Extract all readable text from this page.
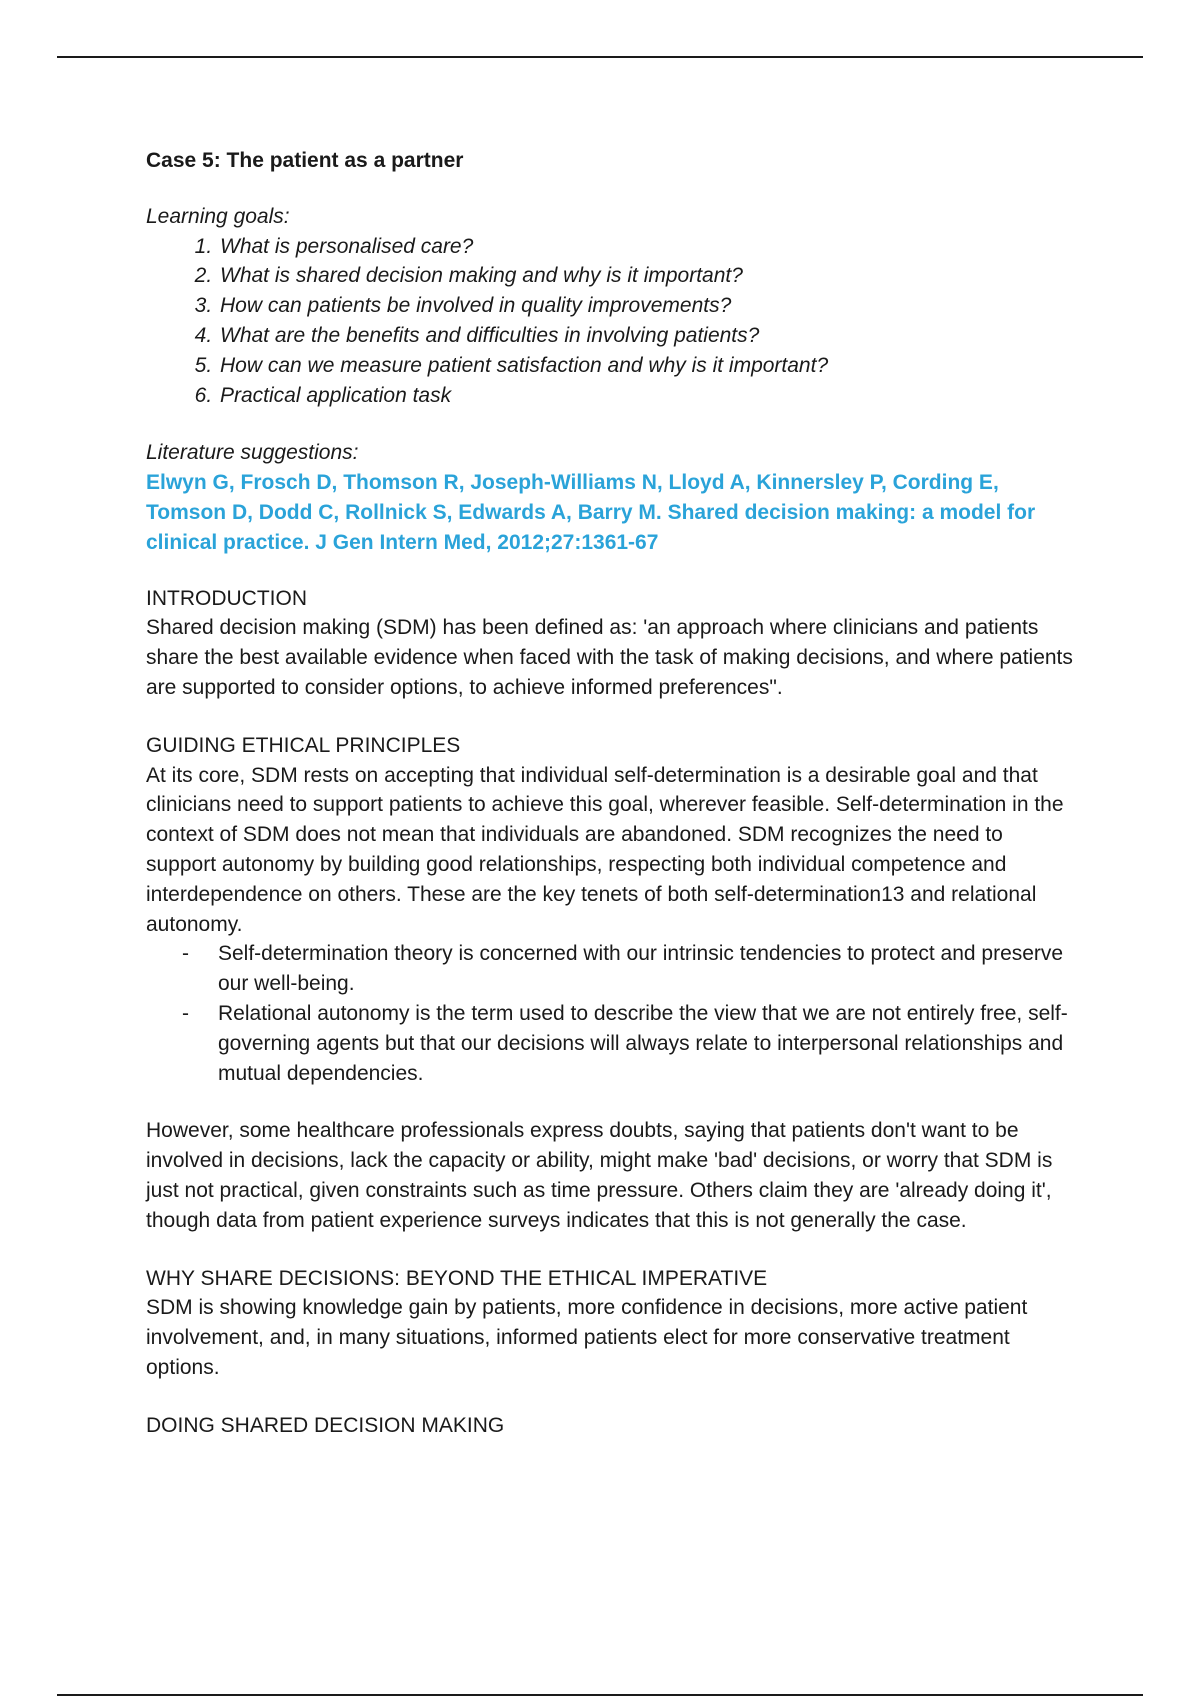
Case 5: The patient as a partner

Learning goals:

1. What is personalised care?
2. What is shared decision making and why is it important?
3. How can patients be involved in quality improvements?
4. What are the benefits and difficulties in involving patients?
5. How can we measure patient satisfaction and why is it important?
6. Practical application task

Literature suggestions:

Elwyn G, Frosch D, Thomson R, Joseph-Williams N, Lloyd A, Kinnersley P, Cording E, Tomson D, Dodd C, Rollnick S, Edwards A, Barry M. Shared decision making: a model for clinical practice. J Gen Intern Med, 2012;27:1361-67

INTRODUCTION

Shared decision making (SDM) has been defined as: 'an approach where clinicians and patients share the best available evidence when faced with the task of making decisions, and where patients are supported to consider options, to achieve informed preferences".

GUIDING ETHICAL PRINCIPLES

At its core, SDM rests on accepting that individual self-determination is a desirable goal and that clinicians need to support patients to achieve this goal, wherever feasible. Self-determination in the context of SDM does not mean that individuals are abandoned. SDM recognizes the need to support autonomy by building good relationships, respecting both individual competence and interdependence on others. These are the key tenets of both self-determination13 and relational autonomy.

- Self-determination theory is concerned with our intrinsic tendencies to protect and preserve our well-being.
- Relational autonomy is the term used to describe the view that we are not entirely free, self-governing agents but that our decisions will always relate to interpersonal relationships and mutual dependencies.

However, some healthcare professionals express doubts, saying that patients don't want to be involved in decisions, lack the capacity or ability, might make 'bad' decisions, or worry that SDM is just not practical, given constraints such as time pressure. Others claim they are 'already doing it', though data from patient experience surveys indicates that this is not generally the case.

WHY SHARE DECISIONS: BEYOND THE ETHICAL IMPERATIVE

SDM is showing knowledge gain by patients, more confidence in decisions, more active patient involvement, and, in many situations, informed patients elect for more conservative treatment options.

DOING SHARED DECISION MAKING
